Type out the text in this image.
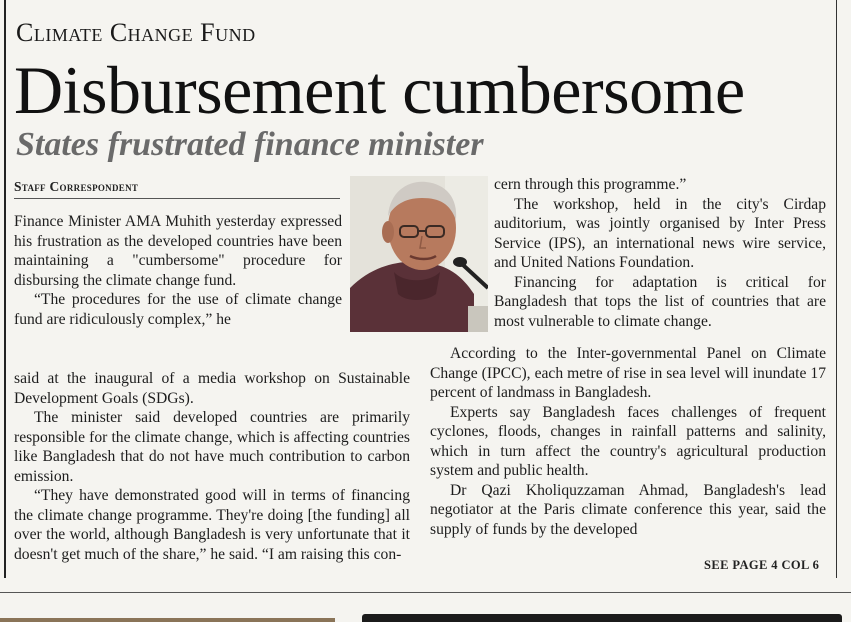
Climate Change Fund
Disbursement cumbersome
States frustrated finance minister
Staff Correspondent

Finance Minister AMA Muhith yesterday expressed his frustration as the developed countries have been maintaining a "cumbersome" procedure for disbursing the climate change fund.

“The procedures for the use of climate change fund are ridiculously complex,” he

said at the inaugural of a media workshop on Sustainable Development Goals (SDGs).

The minister said developed countries are primarily responsible for the climate change, which is affecting countries like Bangladesh that do not have much contribution to carbon emission.

“They have demonstrated good will in terms of financing the climate change programme. They're doing [the funding] all over the world, although Bangladesh is very unfortunate that it doesn't get much of the share,” he said. “I am raising this con-

cern through this programme.”

The workshop, held in the city's Cirdap auditorium, was jointly organised by Inter Press Service (IPS), an international news wire service, and United Nations Foundation.

Financing for adaptation is critical for Bangladesh that tops the list of countries that are most vulnerable to climate change.

According to the Inter-governmental Panel on Climate Change (IPCC), each metre of rise in sea level will inundate 17 percent of landmass in Bangladesh.

Experts say Bangladesh faces challenges of frequent cyclones, floods, changes in rainfall patterns and salinity, which in turn affect the country's agricultural production system and public health.

Dr Qazi Kholiquzzaman Ahmad, Bangladesh's lead negotiator at the Paris climate conference this year, said the supply of funds by the developed

SEE PAGE 4 COL 6
